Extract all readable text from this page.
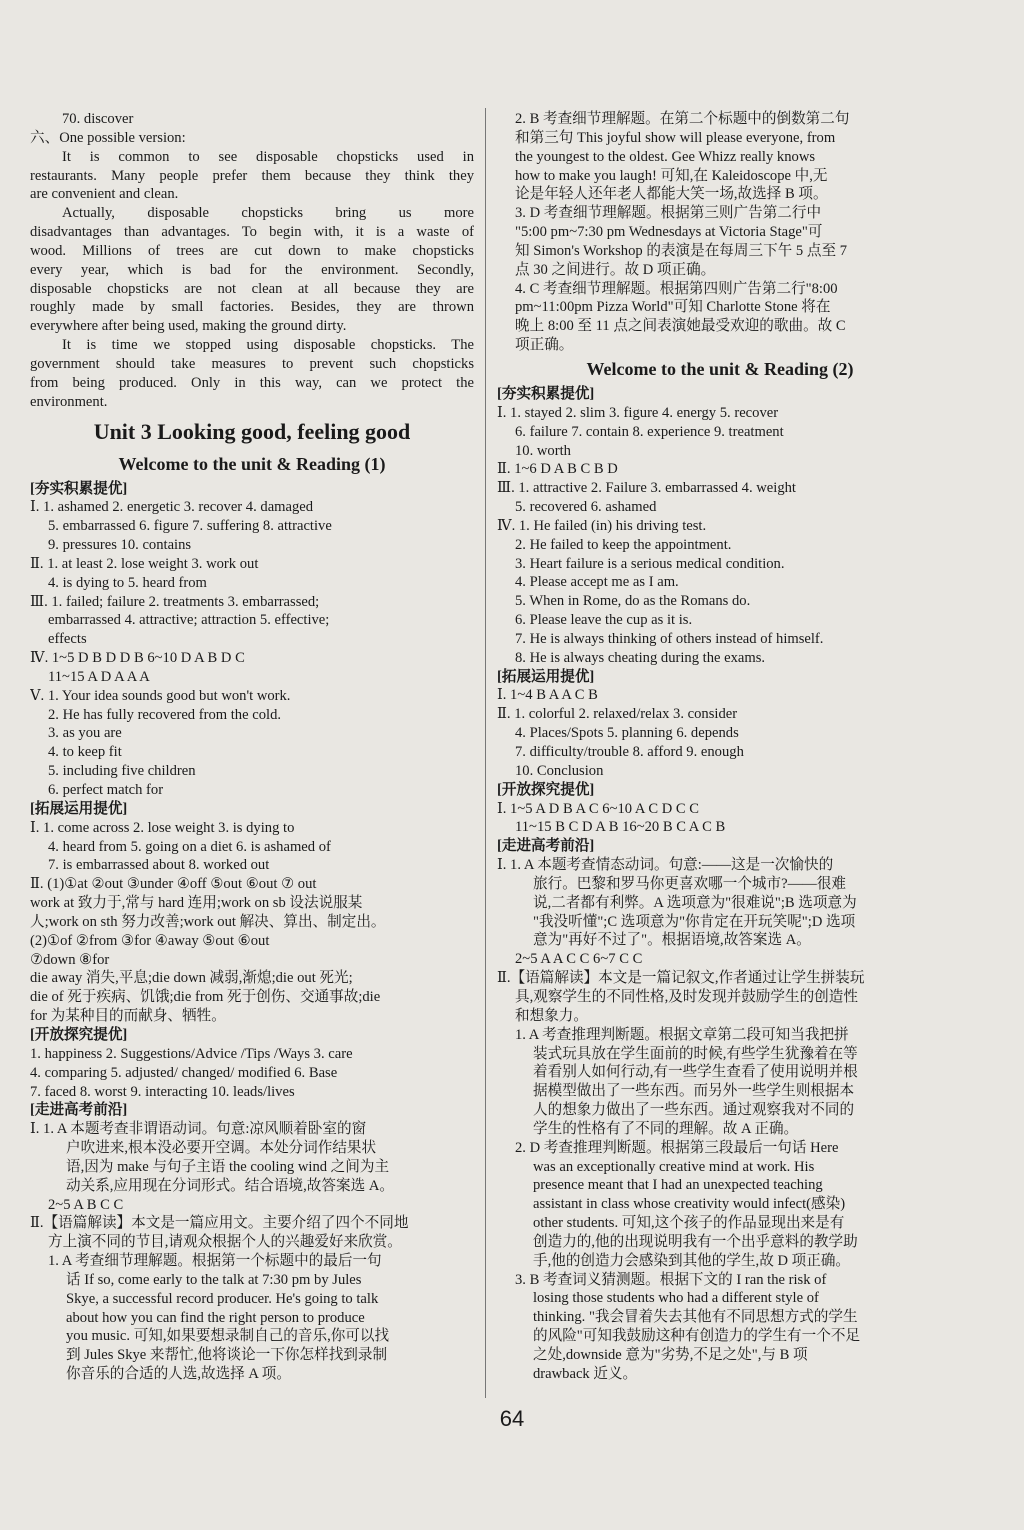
70. discover
六、One possible version:
It is common to see disposable chopsticks used in
restaurants. Many people prefer them because they think they
are convenient and clean.
Actually, disposable chopsticks bring us more
disadvantages than advantages. To begin with, it is a waste of
wood. Millions of trees are cut down to make chopsticks
every year, which is bad for the environment. Secondly,
disposable chopsticks are not clean at all because they are
roughly made by small factories. Besides, they are thrown
everywhere after being used, making the ground dirty.
It is time we stopped using disposable chopsticks. The
government should take measures to prevent such chopsticks
from being produced. Only in this way, can we protect the
environment.
Unit 3 Looking good, feeling good
Welcome to the unit & Reading (1)
[夯实积累提优]
Ⅰ. 1. ashamed 2. energetic 3. recover 4. damaged
5. embarrassed 6. figure 7. suffering 8. attractive
9. pressures 10. contains
Ⅱ. 1. at least 2. lose weight 3. work out
4. is dying to 5. heard from
Ⅲ. 1. failed; failure 2. treatments 3. embarrassed;
embarrassed 4. attractive; attraction 5. effective;
effects
Ⅳ. 1~5 D B D D B 6~10 D A B D C
11~15 A D A A A
Ⅴ. 1. Your idea sounds good but won't work.
2. He has fully recovered from the cold.
3. as you are
4. to keep fit
5. including five children
6. perfect match for
[拓展运用提优]
Ⅰ. 1. come across 2. lose weight 3. is dying to
4. heard from 5. going on a diet 6. is ashamed of
7. is embarrassed about 8. worked out
Ⅱ. (1)①at ②out ③under ④off ⑤out ⑥out ⑦ out
work at 致力于,常与 hard 连用;work on sb 设法说服某
人;work on sth 努力改善;work out 解决、算出、制定出。
(2)①of ②from ③for ④away ⑤out ⑥out
⑦down ⑧for
die away 消失,平息;die down 减弱,渐熄;die out 死光;
die of 死于疾病、饥饿;die from 死于创伤、交通事故;die
for 为某种目的而献身、牺牲。
[开放探究提优]
1. happiness 2. Suggestions/Advice /Tips /Ways 3. care
4. comparing 5. adjusted/ changed/ modified 6. Base
7. faced 8. worst 9. interacting 10. leads/lives
[走进高考前沿]
Ⅰ. 1. A 本题考查非谓语动词。句意:凉风顺着卧室的窗
户吹进来,根本没必要开空调。本处分词作结果状
语,因为 make 与句子主语 the cooling wind 之间为主
动关系,应用现在分词形式。结合语境,故答案选 A。
2~5 A B C C
Ⅱ.【语篇解读】本文是一篇应用文。主要介绍了四个不同地
方上演不同的节目,请观众根据个人的兴趣爱好来欣赏。
1. A 考查细节理解题。根据第一个标题中的最后一句
话 If so, come early to the talk at 7:30 pm by Jules
Skye, a successful record producer. He's going to talk
about how you can find the right person to produce
you music. 可知,如果要想录制自己的音乐,你可以找
到 Jules Skye 来帮忙,他将谈论一下你怎样找到录制
你音乐的合适的人选,故选择 A 项。
2. B 考查细节理解题。在第二个标题中的倒数第二句
和第三句 This joyful show will please everyone, from
the youngest to the oldest. Gee Whizz really knows
how to make you laugh! 可知,在 Kaleidoscope 中,无
论是年轻人还年老人都能大笑一场,故选择 B 项。
3. D 考查细节理解题。根据第三则广告第二行中
"5:00 pm~7:30 pm Wednesdays at Victoria Stage"可
知 Simon's Workshop 的表演是在每周三下午 5 点至 7
点 30 之间进行。故 D 项正确。
4. C 考查细节理解题。根据第四则广告第二行"8:00
pm~11:00pm Pizza World"可知 Charlotte Stone 将在
晚上 8:00 至 11 点之间表演她最受欢迎的歌曲。故 C
项正确。
Welcome to the unit & Reading (2)
[夯实积累提优]
Ⅰ. 1. stayed 2. slim 3. figure 4. energy 5. recover
6. failure 7. contain 8. experience 9. treatment
10. worth
Ⅱ. 1~6 D A B C B D
Ⅲ. 1. attractive 2. Failure 3. embarrassed 4. weight
5. recovered 6. ashamed
Ⅳ. 1. He failed (in) his driving test.
2. He failed to keep the appointment.
3. Heart failure is a serious medical condition.
4. Please accept me as I am.
5. When in Rome, do as the Romans do.
6. Please leave the cup as it is.
7. He is always thinking of others instead of himself.
8. He is always cheating during the exams.
[拓展运用提优]
Ⅰ. 1~4 B A A C B
Ⅱ. 1. colorful 2. relaxed/relax 3. consider
4. Places/Spots 5. planning 6. depends
7. difficulty/trouble 8. afford 9. enough
10. Conclusion
[开放探究提优]
Ⅰ. 1~5 A D B A C 6~10 A C D C C
11~15 B C D A B 16~20 B C A C B
[走进高考前沿]
Ⅰ. 1. A 本题考查情态动词。句意:——这是一次愉快的
旅行。巴黎和罗马你更喜欢哪一个城市?——很难
说,二者都有利弊。A 选项意为"很难说";B 选项意为
"我没听懂";C 选项意为"你肯定在开玩笑呢";D 选项
意为"再好不过了"。根据语境,故答案选 A。
2~5 A A C C 6~7 C C
Ⅱ.【语篇解读】本文是一篇记叙文,作者通过让学生拼装玩
具,观察学生的不同性格,及时发现并鼓励学生的创造性
和想象力。
1. A 考查推理判断题。根据文章第二段可知当我把拼
装式玩具放在学生面前的时候,有些学生犹豫着在等
着看别人如何行动,有一些学生查看了使用说明并根
据模型做出了一些东西。而另外一些学生则根据本
人的想象力做出了一些东西。通过观察我对不同的
学生的性格有了不同的理解。故 A 正确。
2. D 考查推理判断题。根据第三段最后一句话 Here
was an exceptionally creative mind at work. His
presence meant that I had an unexpected teaching
assistant in class whose creativity would infect(感染)
other students. 可知,这个孩子的作品显现出来是有
创造力的,他的出现说明我有一个出乎意料的教学助
手,他的创造力会感染到其他的学生,故 D 项正确。
3. B 考查词义猜测题。根据下文的 I ran the risk of
losing those students who had a different style of
thinking. "我会冒着失去其他有不同思想方式的学生
的风险"可知我鼓励这种有创造力的学生有一个不足
之处,downside 意为"劣势,不足之处",与 B 项
drawback 近义。
64
